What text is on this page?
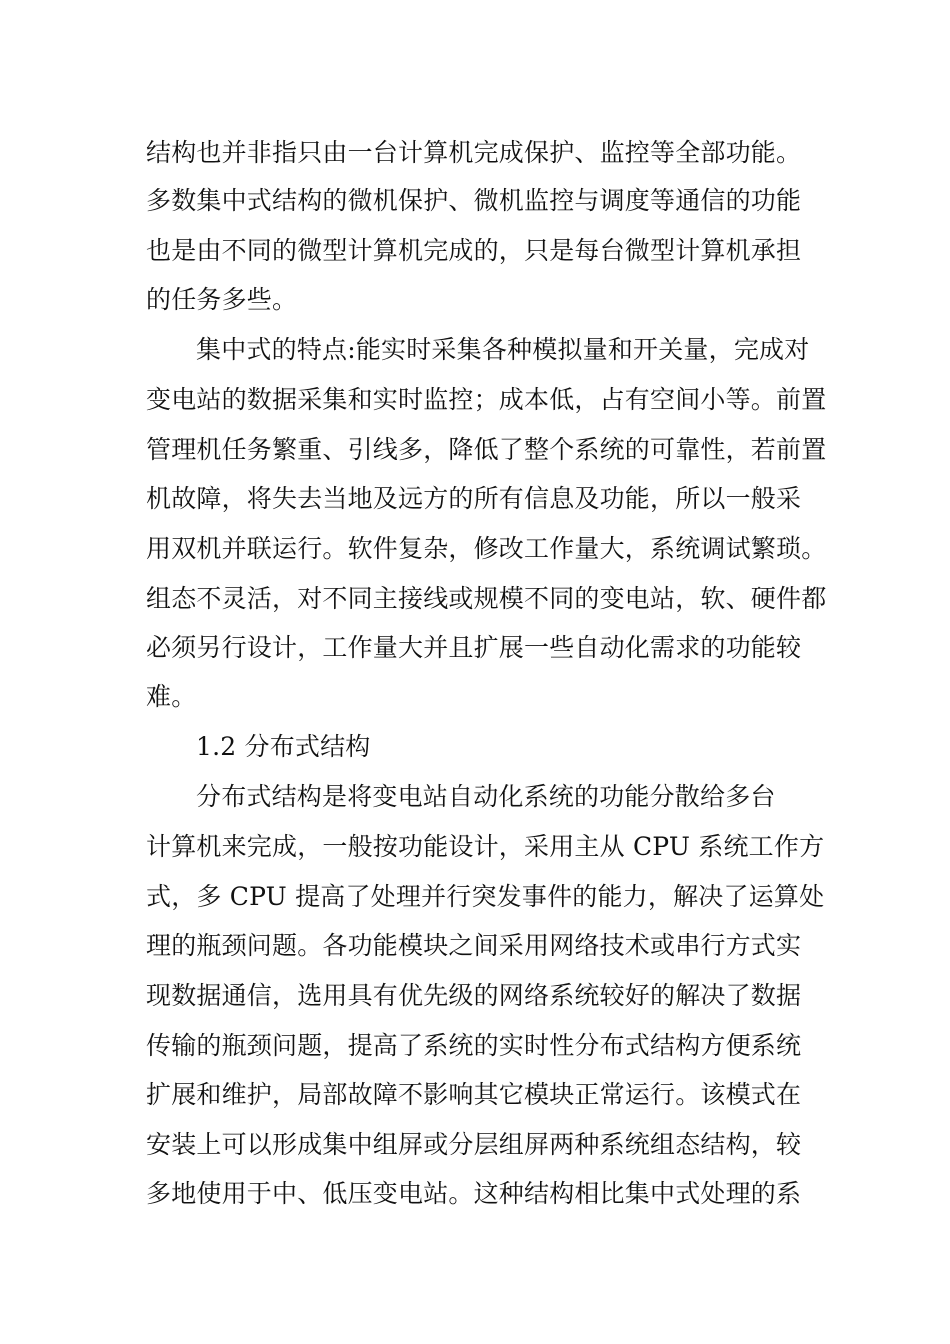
结构也并非指只由一台计算机完成保护、监控等全部功能。
多数集中式结构的微机保护、微机监控与调度等通信的功能
也是由不同的微型计算机完成的，只是每台微型计算机承担
的任务多些。
集中式的特点:能实时采集各种模拟量和开关量，完成对
变电站的数据采集和实时监控；成本低，占有空间小等。前置
管理机任务繁重、引线多，降低了整个系统的可靠性，若前置
机故障，将失去当地及远方的所有信息及功能，所以一般采
用双机并联运行。软件复杂，修改工作量大，系统调试繁琐。
组态不灵活，对不同主接线或规模不同的变电站，软、硬件都
必须另行设计，工作量大并且扩展一些自动化需求的功能较
难。
1.2 分布式结构
分布式结构是将变电站自动化系统的功能分散给多台
计算机来完成，一般按功能设计，采用主从 CPU 系统工作方
式，多 CPU 提高了处理并行突发事件的能力，解决了运算处
理的瓶颈问题。各功能模块之间采用网络技术或串行方式实
现数据通信，选用具有优先级的网络系统较好的解决了数据
传输的瓶颈问题，提高了系统的实时性分布式结构方便系统
扩展和维护，局部故障不影响其它模块正常运行。该模式在
安装上可以形成集中组屏或分层组屏两种系统组态结构，较
多地使用于中、低压变电站。这种结构相比集中式处理的系
